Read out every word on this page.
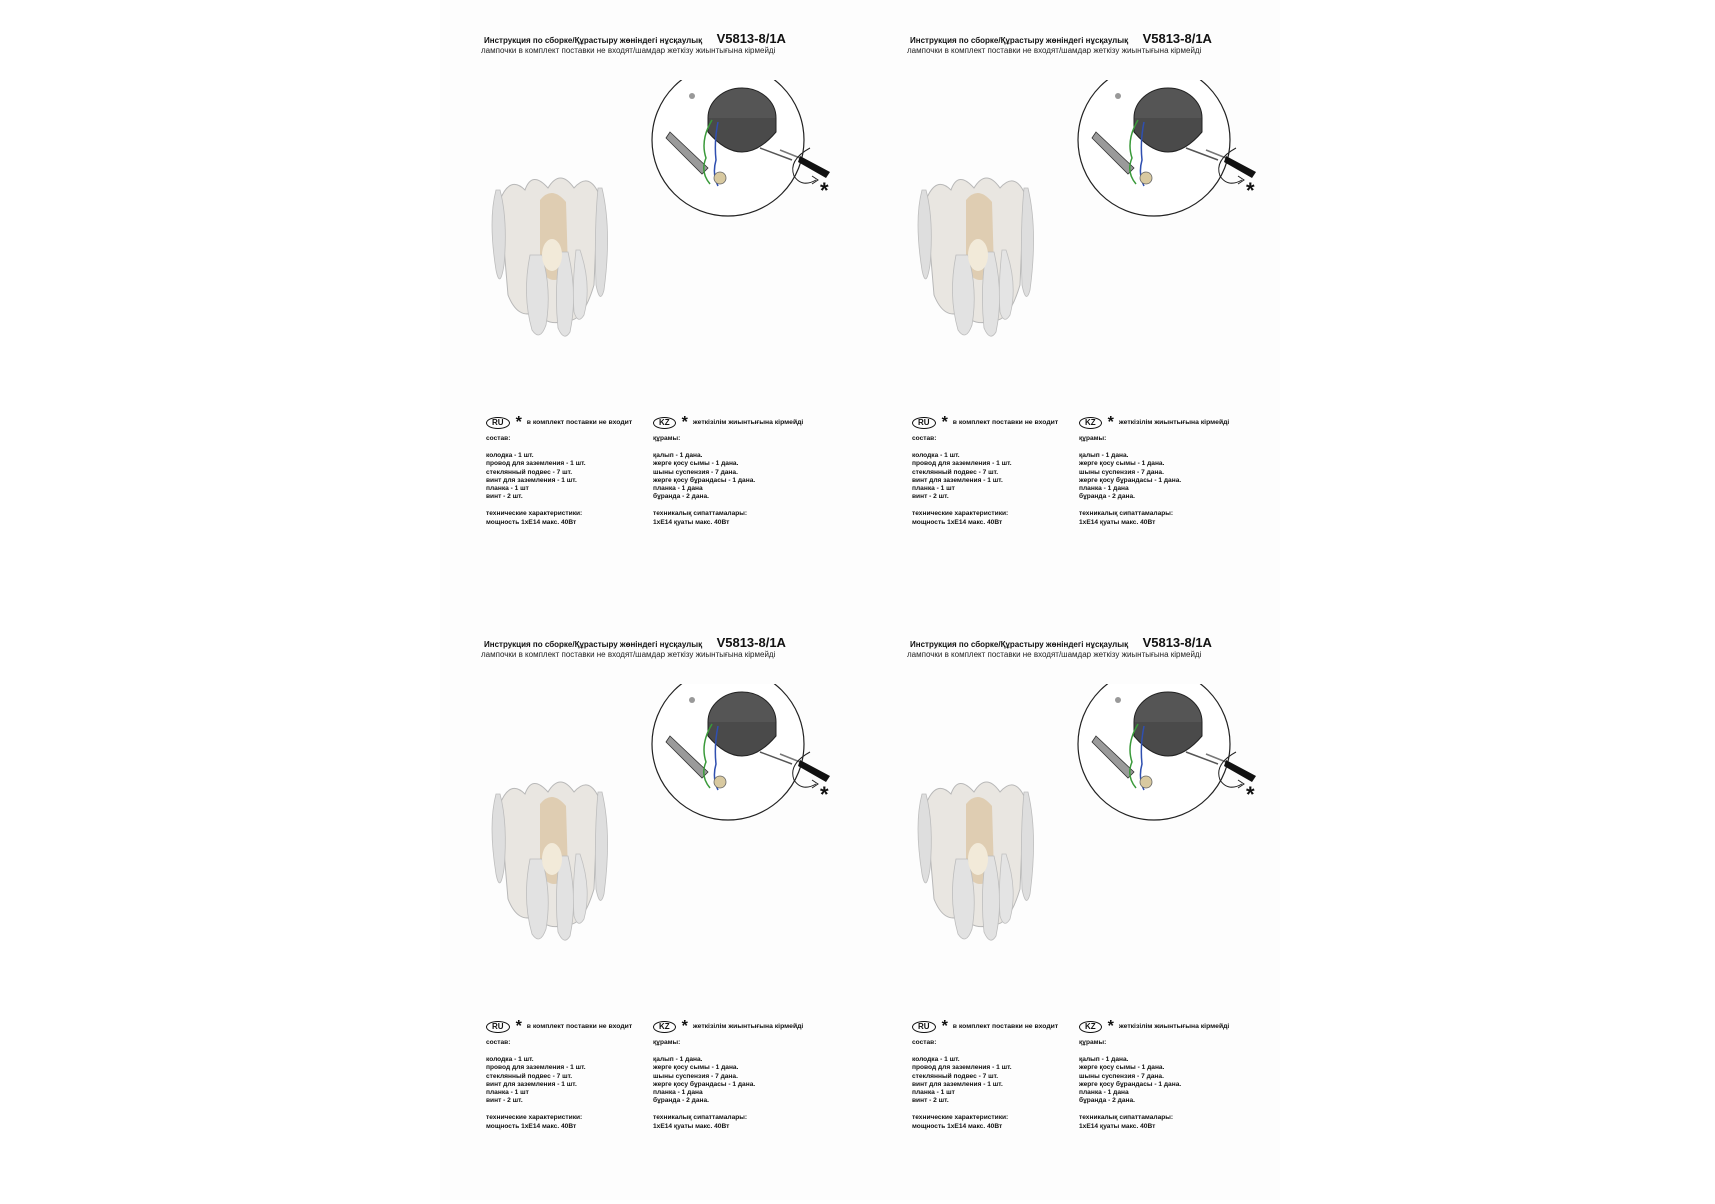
Инструкция по сборке/Құрастыру жөніндегі нұсқаулық V5813-8/1A
лампочки в комплект поставки не входят/шамдар жеткізу жиынтығына кірмейді
*
RU * в комплект поставки не входит
состав:
колодка - 1 шт.
провод для заземления - 1 шт.
стеклянный подвес - 7 шт.
винт для заземления - 1 шт.
планка - 1 шт
винт - 2 шт.
технические характеристики:
мощность 1хЕ14 макс. 40Вт
KZ * жеткізілім жиынтығына кірмейді
құрамы:
қалып - 1 дана.
жерге қосу сымы - 1 дана.
шыны суспензия - 7 дана.
жерге қосу бұрандасы - 1 дана.
планка - 1 дана
бұранда - 2 дана.
техникалық сипаттамалары:
1хЕ14 қуаты макс. 40Вт
Инструкция по сборке/Құрастыру жөніндегі нұсқаулық V5813-8/1A
лампочки в комплект поставки не входят/шамдар жеткізу жиынтығына кірмейді
*
RU * в комплект поставки не входит
состав:
колодка - 1 шт.
провод для заземления - 1 шт.
стеклянный подвес - 7 шт.
винт для заземления - 1 шт.
планка - 1 шт
винт - 2 шт.
технические характеристики:
мощность 1хЕ14 макс. 40Вт
KZ * жеткізілім жиынтығына кірмейді
құрамы:
қалып - 1 дана.
жерге қосу сымы - 1 дана.
шыны суспензия - 7 дана.
жерге қосу бұрандасы - 1 дана.
планка - 1 дана
бұранда - 2 дана.
техникалық сипаттамалары:
1хЕ14 қуаты макс. 40Вт
Инструкция по сборке/Құрастыру жөніндегі нұсқаулық V5813-8/1A
лампочки в комплект поставки не входят/шамдар жеткізу жиынтығына кірмейді
*
RU * в комплект поставки не входит
состав:
колодка - 1 шт.
провод для заземления - 1 шт.
стеклянный подвес - 7 шт.
винт для заземления - 1 шт.
планка - 1 шт
винт - 2 шт.
технические характеристики:
мощность 1хЕ14 макс. 40Вт
KZ * жеткізілім жиынтығына кірмейді
құрамы:
қалып - 1 дана.
жерге қосу сымы - 1 дана.
шыны суспензия - 7 дана.
жерге қосу бұрандасы - 1 дана.
планка - 1 дана
бұранда - 2 дана.
техникалық сипаттамалары:
1хЕ14 қуаты макс. 40Вт
Инструкция по сборке/Құрастыру жөніндегі нұсқаулық V5813-8/1A
лампочки в комплект поставки не входят/шамдар жеткізу жиынтығына кірмейді
*
RU * в комплект поставки не входит
состав:
колодка - 1 шт.
провод для заземления - 1 шт.
стеклянный подвес - 7 шт.
винт для заземления - 1 шт.
планка - 1 шт
винт - 2 шт.
технические характеристики:
мощность 1хЕ14 макс. 40Вт
KZ * жеткізілім жиынтығына кірмейді
құрамы:
қалып - 1 дана.
жерге қосу сымы - 1 дана.
шыны суспензия - 7 дана.
жерге қосу бұрандасы - 1 дана.
планка - 1 дана
бұранда - 2 дана.
техникалық сипаттамалары:
1хЕ14 қуаты макс. 40Вт
